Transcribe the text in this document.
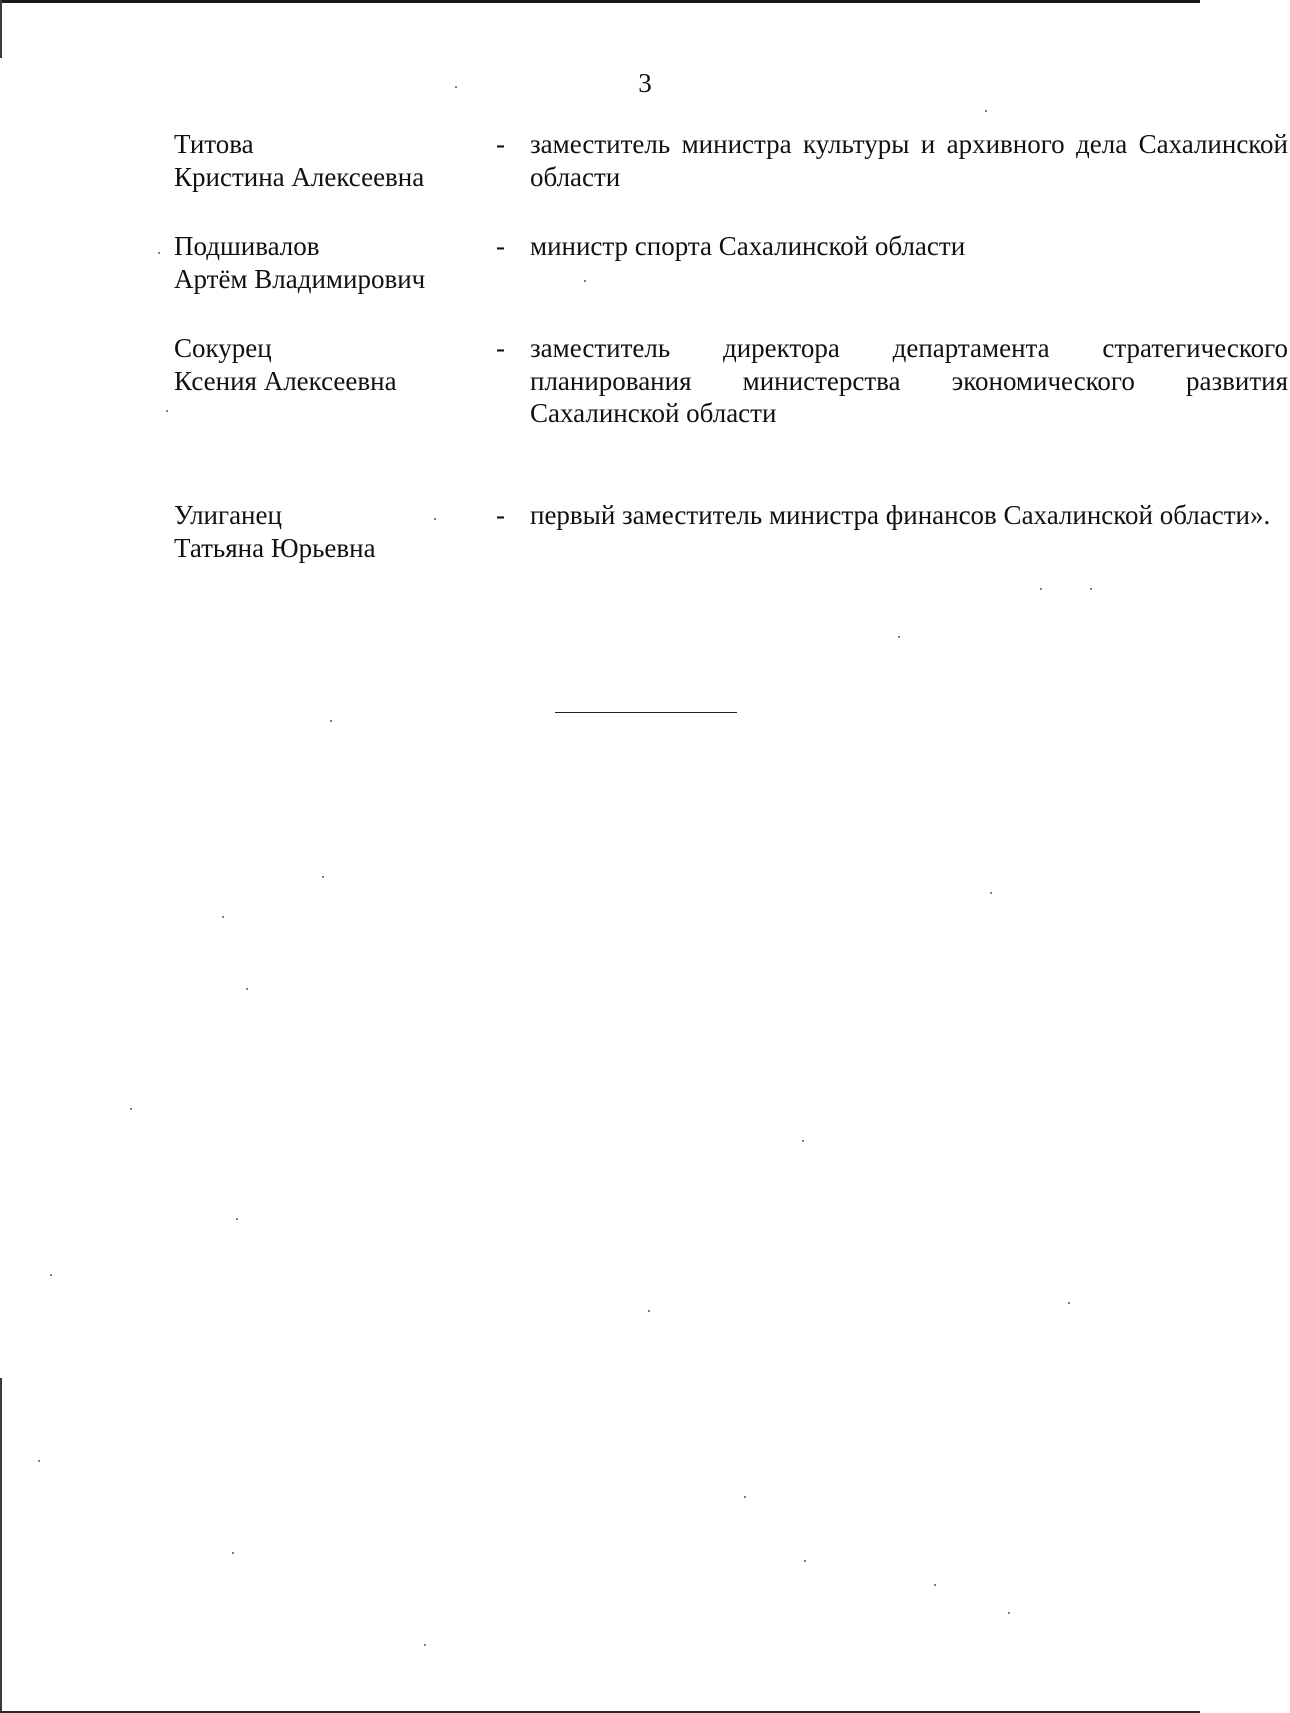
3
Титова
Кристина Алексеевна
- заместитель министра культуры и архивного дела Сахалинской области
Подшивалов
Артём Владимирович
- министр спорта Сахалинской области
Сокурец
Ксения Алексеевна
- заместитель директора департамента стратегического планирования министерства экономического развития Сахалинской области
Улиганец
Татьяна Юрьевна
- первый заместитель министра финансов Сахалинской области».
